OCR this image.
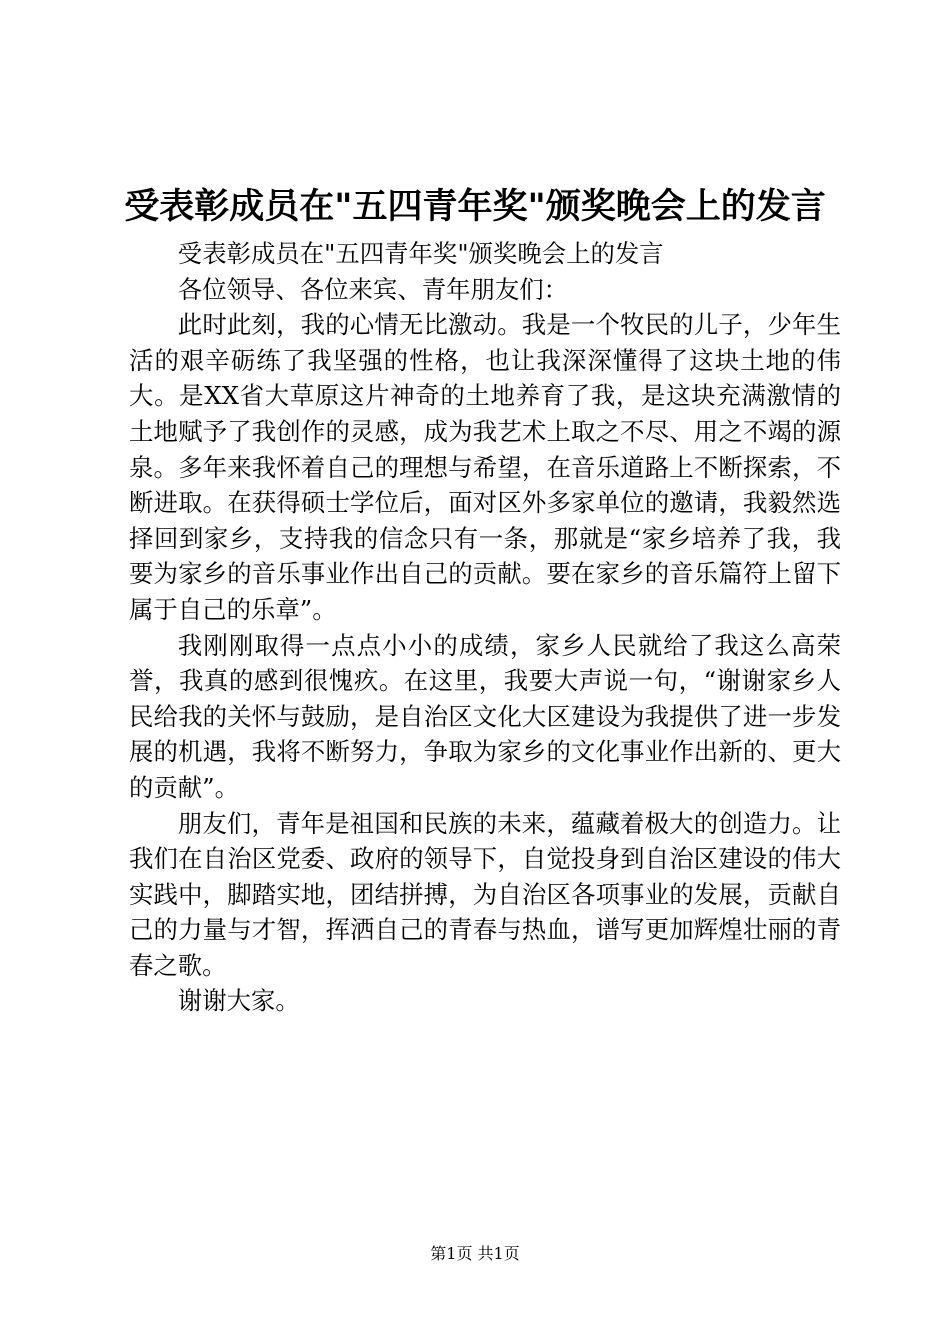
受表彰成员在"五四青年奖"颁奖晚会上的发言

受表彰成员在"五四青年奖"颁奖晚会上的发言

各位领导、各位来宾、青年朋友们：

此时此刻，我的心情无比激动。我是一个牧民的儿子，少年生活的艰辛砺练了我坚强的性格，也让我深深懂得了这块土地的伟大。是XX省大草原这片神奇的土地养育了我，是这块充满激情的土地赋予了我创作的灵感，成为我艺术上取之不尽、用之不竭的源泉。多年来我怀着自己的理想与希望，在音乐道路上不断探索，不断进取。在获得硕士学位后，面对区外多家单位的邀请，我毅然选择回到家乡，支持我的信念只有一条，那就是“家乡培养了我，我要为家乡的音乐事业作出自己的贡献。要在家乡的音乐篇符上留下属于自己的乐章”。

我刚刚取得一点点小小的成绩，家乡人民就给了我这么高荣誉，我真的感到很愧疚。在这里，我要大声说一句，“谢谢家乡人民给我的关怀与鼓励，是自治区文化大区建设为我提供了进一步发展的机遇，我将不断努力，争取为家乡的文化事业作出新的、更大的贡献”。

朋友们，青年是祖国和民族的未来，蕴藏着极大的创造力。让我们在自治区党委、政府的领导下，自觉投身到自治区建设的伟大实践中，脚踏实地，团结拼搏，为自治区各项事业的发展，贡献自己的力量与才智，挥洒自己的青春与热血，谱写更加辉煌壮丽的青春之歌。

谢谢大家。

第1页 共1页
